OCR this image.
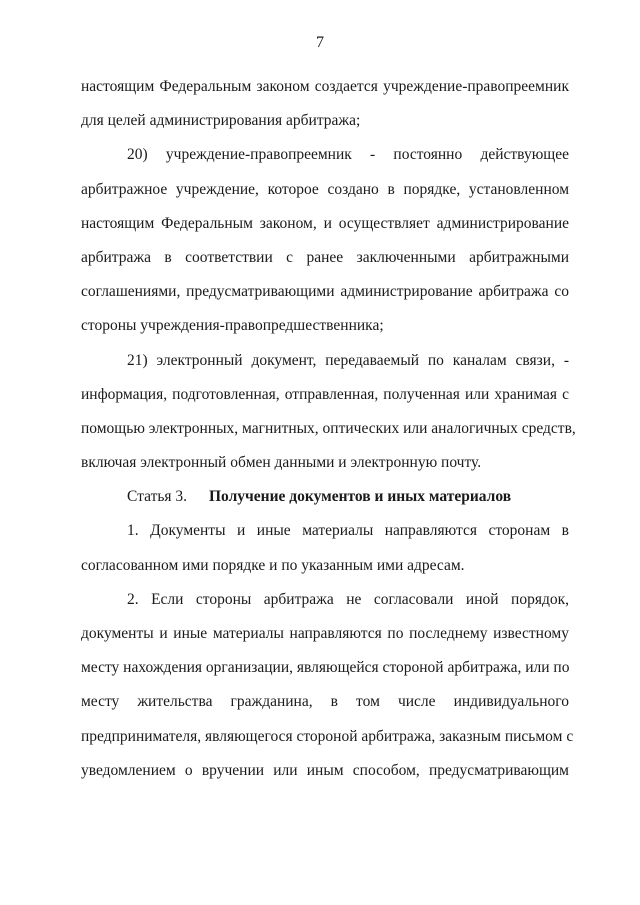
7
настоящим Федеральным законом создается учреждение-правопреемник
для целей администрирования арбитража;
20) учреждение-правопреемник - постоянно действующее
арбитражное учреждение, которое создано в порядке, установленном
настоящим Федеральным законом, и осуществляет администрирование
арбитража в соответствии с ранее заключенными арбитражными
соглашениями, предусматривающими администрирование арбитража со
стороны учреждения-правопредшественника;
21) электронный документ, передаваемый по каналам связи, -
информация, подготовленная, отправленная, полученная или хранимая с
помощью электронных, магнитных, оптических или аналогичных средств,
включая электронный обмен данными и электронную почту.
Статья 3. Получение документов и иных материалов
1. Документы и иные материалы направляются сторонам в
согласованном ими порядке и по указанным ими адресам.
2. Если стороны арбитража не согласовали иной порядок,
документы и иные материалы направляются по последнему известному
месту нахождения организации, являющейся стороной арбитража, или по
месту жительства гражданина, в том числе индивидуального
предпринимателя, являющегося стороной арбитража, заказным письмом с
уведомлением о вручении или иным способом, предусматривающим
